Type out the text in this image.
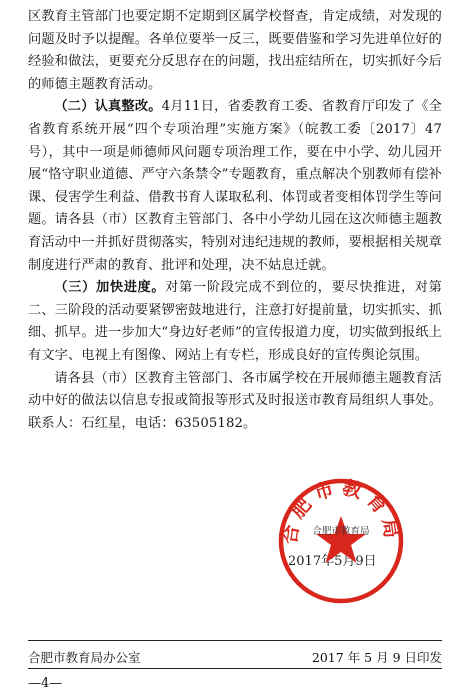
区教育主管部门也要定期不定期到区属学校督查，肯定成绩，对发现的问题及时予以提醒。各单位要举一反三，既要借鉴和学习先进单位好的经验和做法，更要充分反思存在的问题，找出症结所在，切实抓好今后的师德主题教育活动。

（二）认真整改。4月11日，省委教育工委、省教育厅印发了《全省教育系统开展“四个专项治理”实施方案》（皖教工委〔2017〕47号），其中一项是师德师风问题专项治理工作，要在中小学、幼儿园开展“恪守职业道德、严守六条禁令”专题教育，重点解决个别教师有偿补课、侵害学生利益、借教书育人谋取私利、体罚或者变相体罚学生等问题。请各县（市）区教育主管部门、各中小学幼儿园在这次师德主题教育活动中一并抓好贯彻落实，特别对违纪违规的教师，要根据相关规章制度进行严肃的教育、批评和处理，决不姑息迁就。

（三）加快进度。对第一阶段完成不到位的，要尽快推进，对第二、三阶段的活动要紧锣密鼓地进行，注意打好提前量，切实抓实、抓细、抓早。进一步加大“身边好老师”的宣传报道力度，切实做到报纸上有文字、电视上有图像、网站上有专栏，形成良好的宣传舆论氛围。

请各县（市）区教育主管部门、各市属学校在开展师德主题教育活动中好的做法以信息专报或简报等形式及时报送市教育局组织人事处。联系人：石红星，电话：63505182。

2017年5月9日
合肥市教育局
合肥市教育局
合肥市教育局办公室	2017 年 5 月 9 日印发
—4—
